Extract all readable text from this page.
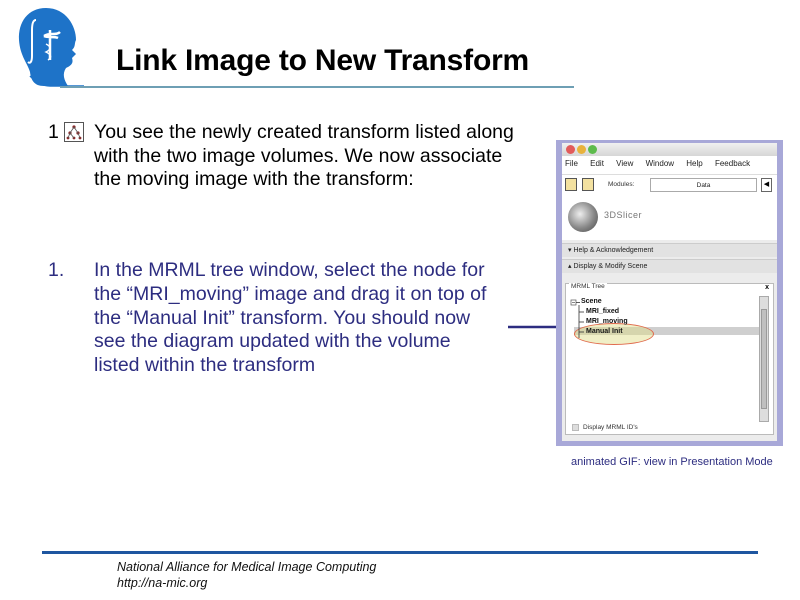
Link Image to New Transform
1 You see the newly created transform listed along with the two image volumes. We now associate the moving image with the transform:
1. In the MRML tree window, select the node for the “MRI_moving” image and drag it on top of the “Manual Init” transform. You should now see the diagram updated with the volume listed within the transform
File Edit View Window Help Feedback
Modules:	Data	◀
3DSlicer
▾ Help & Acknowledgement
▴ Display & Modify Scene
MRML Tree	x
Scene
MRI_fixed
MRI_moving
Manual Init
Display MRML ID's
animated GIF: view in Presentation Mode
National Alliance for Medical Image Computing
http://na-mic.org
